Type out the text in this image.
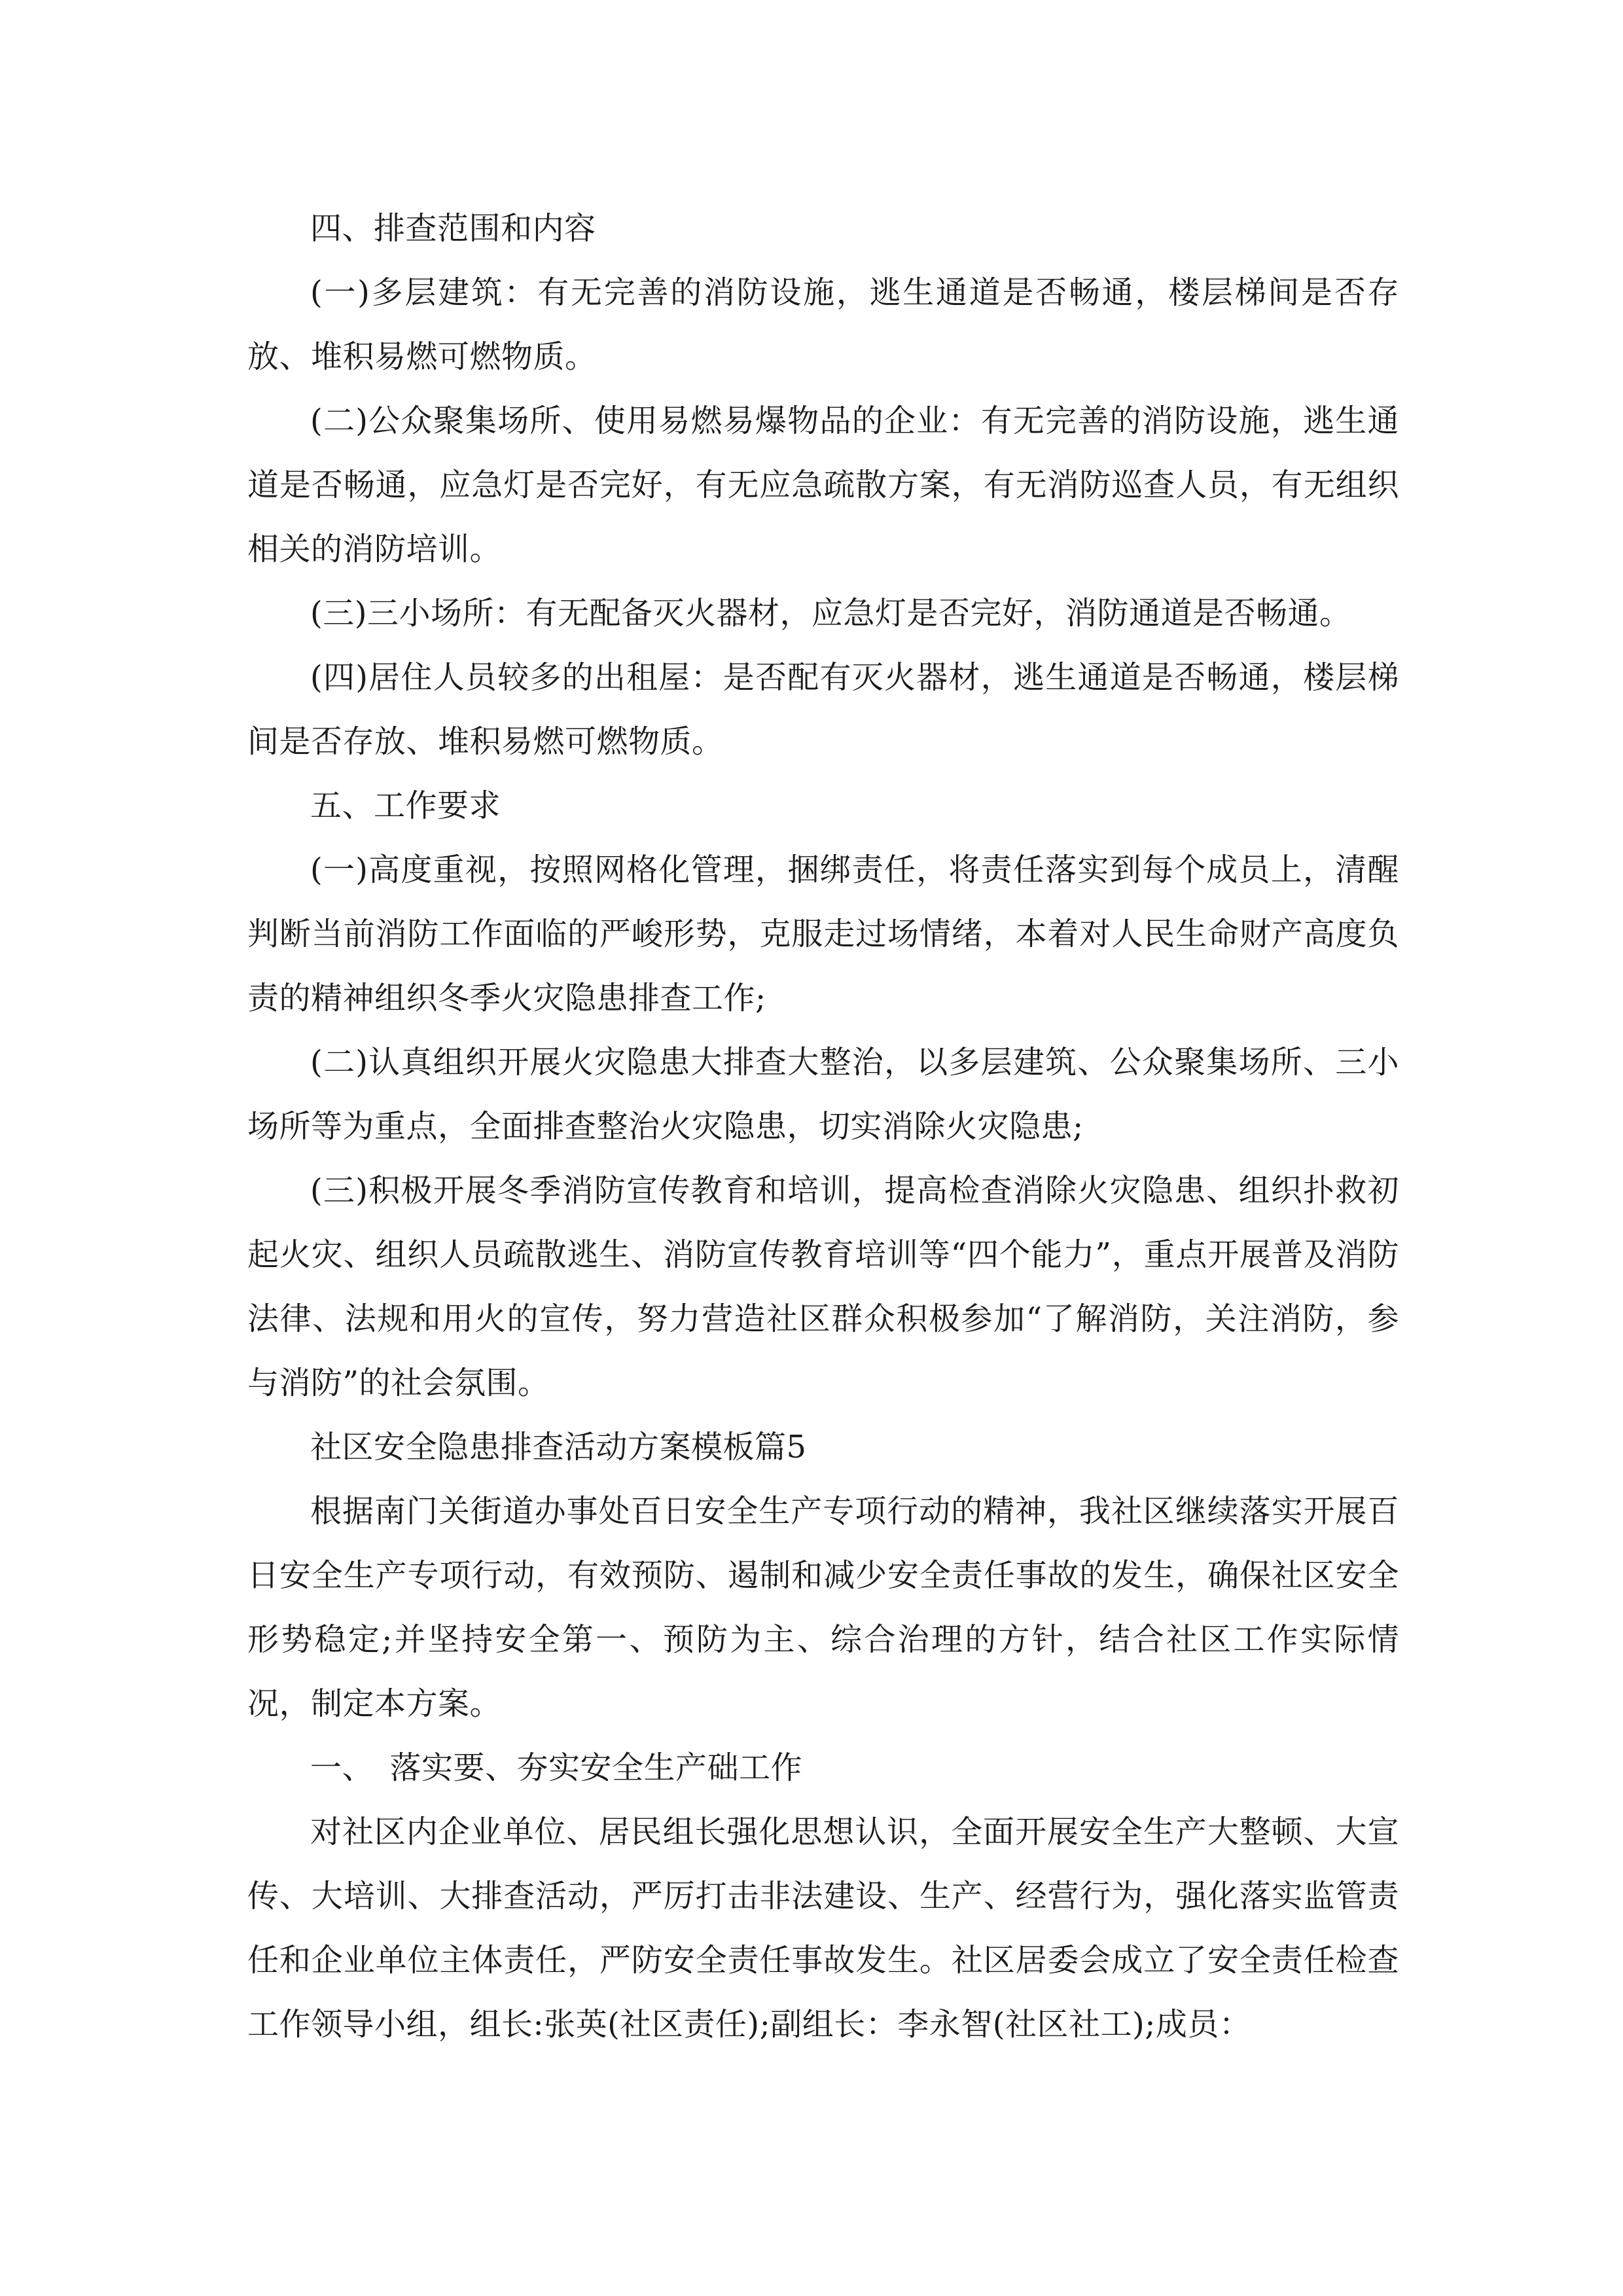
四、排查范围和内容

(一)多层建筑：有无完善的消防设施，逃生通道是否畅通，楼层梯间是否存放、堆积易燃可燃物质。

(二)公众聚集场所、使用易燃易爆物品的企业：有无完善的消防设施，逃生通道是否畅通，应急灯是否完好，有无应急疏散方案，有无消防巡查人员，有无组织相关的消防培训。

(三)三小场所：有无配备灭火器材，应急灯是否完好，消防通道是否畅通。

(四)居住人员较多的出租屋：是否配有灭火器材，逃生通道是否畅通，楼层梯间是否存放、堆积易燃可燃物质。

五、工作要求

(一)高度重视，按照网格化管理，捆绑责任，将责任落实到每个成员上，清醒判断当前消防工作面临的严峻形势，克服走过场情绪，本着对人民生命财产高度负责的精神组织冬季火灾隐患排查工作;

(二)认真组织开展火灾隐患大排查大整治，以多层建筑、公众聚集场所、三小场所等为重点，全面排查整治火灾隐患，切实消除火灾隐患;

(三)积极开展冬季消防宣传教育和培训，提高检查消除火灾隐患、组织扑救初起火灾、组织人员疏散逃生、消防宣传教育培训等“四个能力”，重点开展普及消防法律、法规和用火的宣传，努力营造社区群众积极参加“了解消防，关注消防，参与消防”的社会氛围。

社区安全隐患排查活动方案模板篇5

根据南门关街道办事处百日安全生产专项行动的精神，我社区继续落实开展百日安全生产专项行动，有效预防、遏制和减少安全责任事故的发生，确保社区安全形势稳定;并坚持安全第一、预防为主、综合治理的方针，结合社区工作实际情况，制定本方案。

一、　落实要、夯实安全生产础工作

对社区内企业单位、居民组长强化思想认识，全面开展安全生产大整顿、大宣传、大培训、大排查活动，严厉打击非法建设、生产、经营行为，强化落实监管责任和企业单位主体责任，严防安全责任事故发生。社区居委会成立了安全责任检查工作领导小组，组长:张英(社区责任);副组长：李永智(社区社工);成员：
